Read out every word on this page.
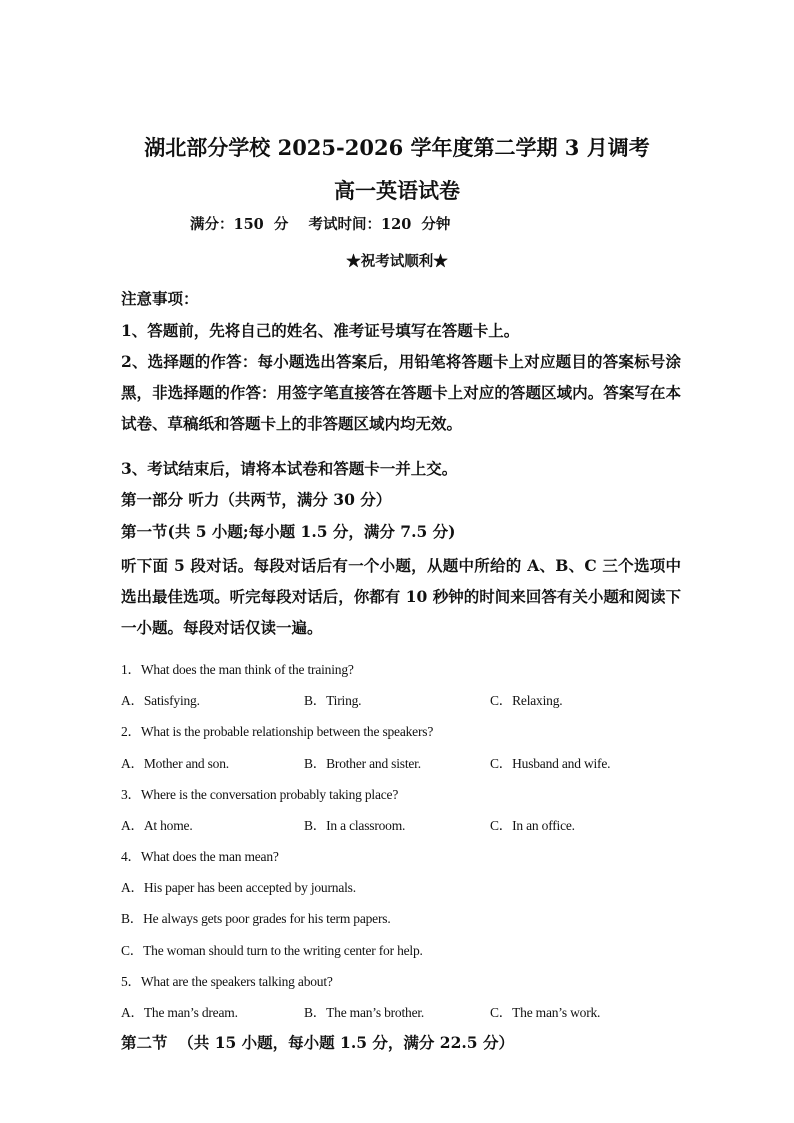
湖北部分学校 2025-2026 学年度第二学期 3 月调考
高一英语试卷
满分：150  分    考试时间：120  分钟
★祝考试顺利★
注意事项：
1、答题前，先将自己的姓名、准考证号填写在答题卡上。
2、选择题的作答：每小题选出答案后，用铅笔将答题卡上对应题目的答案标号涂黑，非选择题的作答：用签字笔直接答在答题卡上对应的答题区域内。答案写在本试卷、草稿纸和答题卡上的非答题区域内均无效。
3、考试结束后，请将本试卷和答题卡一并上交。
第一部分 听力（共两节，满分 30 分）
第一节(共 5 小题;每小题 1.5 分，满分 7.5 分)
听下面 5 段对话。每段对话后有一个小题，从题中所给的 A、B、C 三个选项中选出最佳选项。听完每段对话后，你都有 10 秒钟的时间来回答有关小题和阅读下一小题。每段对话仅读一遍。
1．What does the man think of the training?
A．Satisfying.	B．Tiring.	C．Relaxing.
2．What is the probable relationship between the speakers?
A．Mother and son.	B．Brother and sister.	C．Husband and wife.
3．Where is the conversation probably taking place?
A．At home.	B．In a classroom.	C．In an office.
4．What does the man mean?
A．His paper has been accepted by journals.
B．He always gets poor grades for his term papers.
C．The woman should turn to the writing center for help.
5．What are the speakers talking about?
A．The man’s dream.	B．The man’s brother.	C．The man’s work.
第二节  （共 15 小题，每小题 1.5 分，满分 22.5 分）
